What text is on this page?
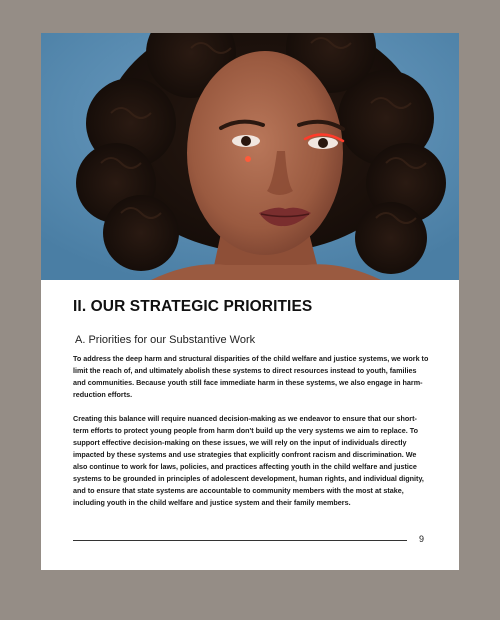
II. OUR STRATEGIC PRIORITIES
A. Priorities for our Substantive Work

To address the deep harm and structural disparities of the child welfare and justice systems, we work to limit the reach of, and ultimately abolish these systems to direct resources instead to youth, families and communities. Because youth still face immediate harm in these systems, we also engage in harm-reduction efforts.

Creating this balance will require nuanced decision-making as we endeavor to ensure that our short-term efforts to protect young people from harm don't build up the very systems we aim to replace. To support effective decision-making on these issues, we will rely on the input of individuals directly impacted by these systems and use strategies that explicitly confront racism and discrimination. We also continue to work for laws, policies, and practices affecting youth in the child welfare and justice systems to be grounded in principles of adolescent development, human rights, and individual dignity, and to ensure that state systems are accountable to community members with the most at stake, including youth in the child welfare and justice system and their family members.

9
